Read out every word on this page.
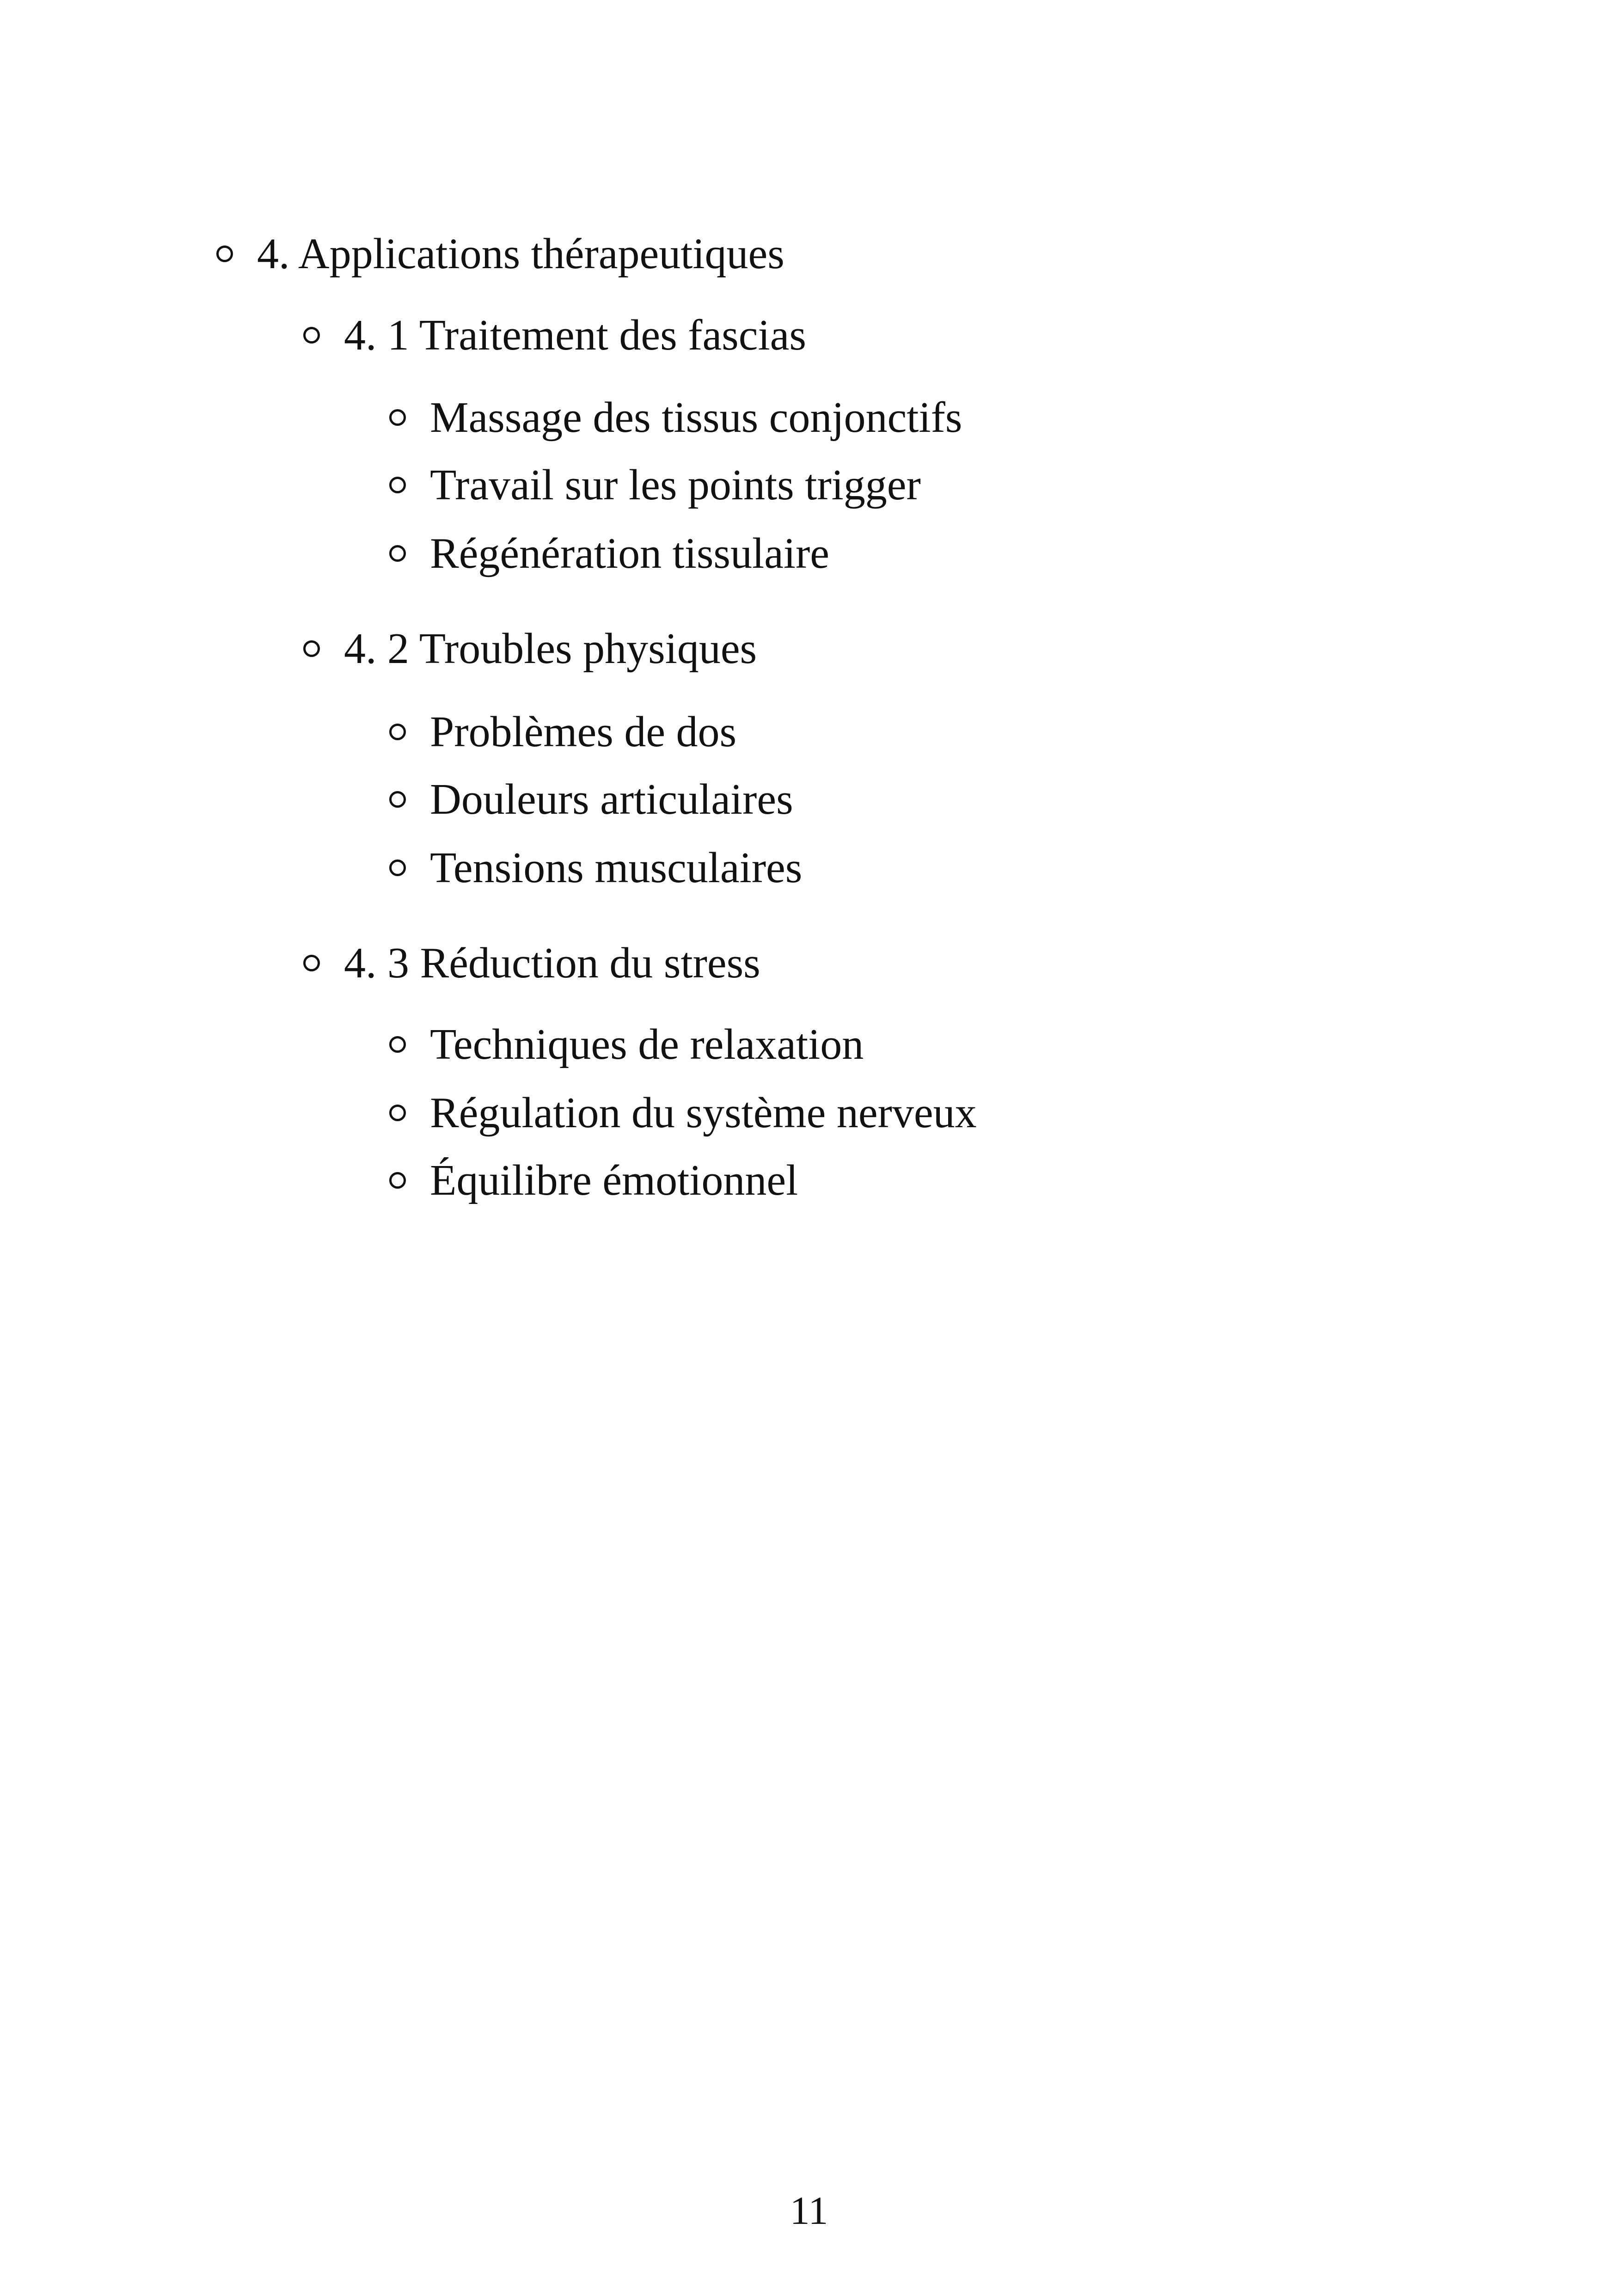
4. Applications thérapeutiques
4. 1 Traitement des fascias
Massage des tissus conjonctifs
Travail sur les points trigger
Régénération tissulaire
4. 2 Troubles physiques
Problèmes de dos
Douleurs articulaires
Tensions musculaires
4. 3 Réduction du stress
Techniques de relaxation
Régulation du système nerveux
Équilibre émotionnel
11
